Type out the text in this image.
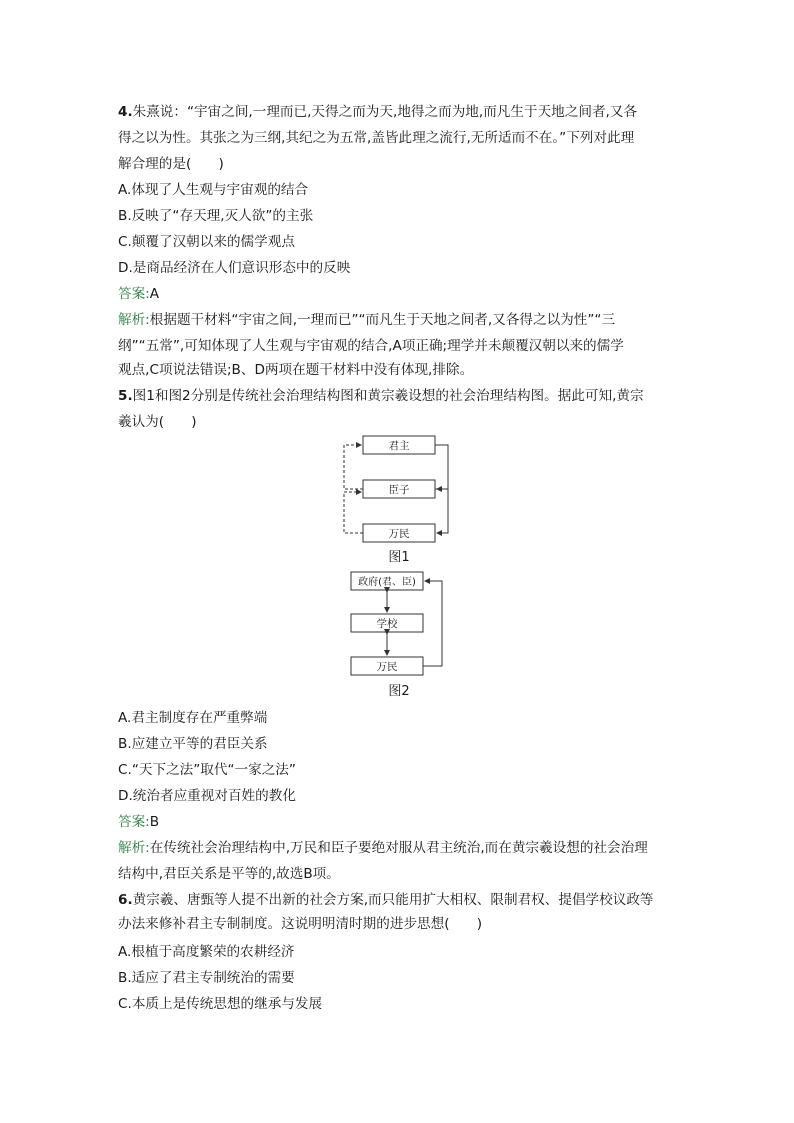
4.朱熹说：“宇宙之间,一理而已,天得之而为天,地得之而为地,而凡生于天地之间者,又各
得之以为性。其张之为三纲,其纪之为五常,盖皆此理之流行,无所适而不在。”下列对此理
解合理的是(　　)
A.体现了人生观与宇宙观的结合
B.反映了“存天理,灭人欲”的主张
C.颠覆了汉朝以来的儒学观点
D.是商品经济在人们意识形态中的反映
答案:A
解析:根据题干材料“宇宙之间,一理而已”“而凡生于天地之间者,又各得之以为性”“三
纲”“五常”,可知体现了人生观与宇宙观的结合,A项正确;理学并未颠覆汉朝以来的儒学
观点,C项说法错误;B、D两项在题干材料中没有体现,排除。
5.图1和图2分别是传统社会治理结构图和黄宗羲设想的社会治理结构图。据此可知,黄宗
羲认为(　　)
君主
臣子
万民
图1
政府(君、臣)
学校
万民
图2
A.君主制度存在严重弊端
B.应建立平等的君臣关系
C.“天下之法”取代“一家之法”
D.统治者应重视对百姓的教化
答案:B
解析:在传统社会治理结构中,万民和臣子要绝对服从君主统治,而在黄宗羲设想的社会治理
结构中,君臣关系是平等的,故选B项。
6.黄宗羲、唐甄等人提不出新的社会方案,而只能用扩大相权、限制君权、提倡学校议政等
办法来修补君主专制制度。这说明明清时期的进步思想(　　)
A.根植于高度繁荣的农耕经济
B.适应了君主专制统治的需要
C.本质上是传统思想的继承与发展
